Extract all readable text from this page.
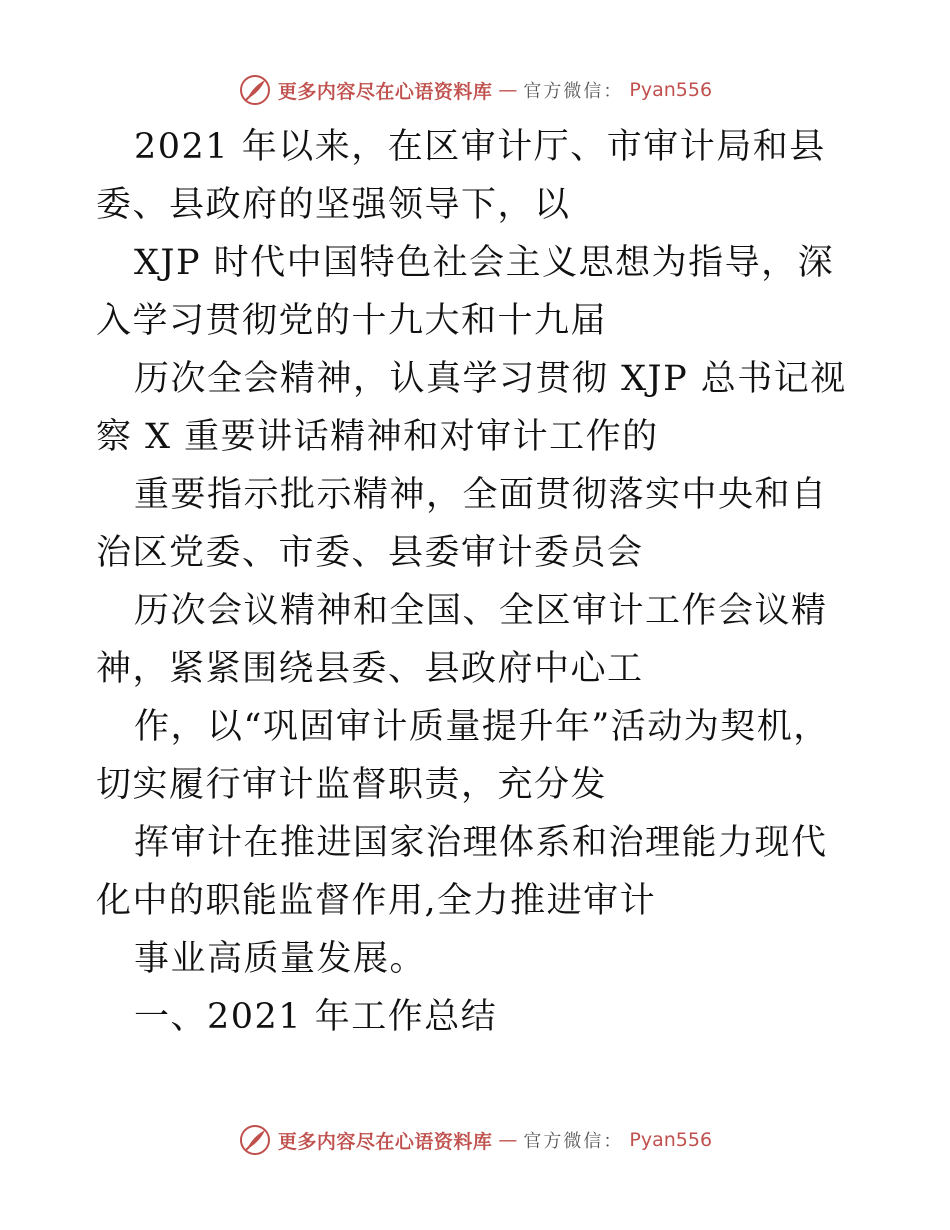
更多内容尽在心语资料库 — 官方微信： Pyan556

2021 年以来，在区审计厅、市审计局和县委、县政府的坚强领导下，以

XJP 时代中国特色社会主义思想为指导，深入学习贯彻党的十九大和十九届

历次全会精神，认真学习贯彻 XJP 总书记视察 X 重要讲话精神和对审计工作的

重要指示批示精神，全面贯彻落实中央和自治区党委、市委、县委审计委员会

历次会议精神和全国、全区审计工作会议精神，紧紧围绕县委、县政府中心工

作，以“巩固审计质量提升年”活动为契机，切实履行审计监督职责，充分发

挥审计在推进国家治理体系和治理能力现代化中的职能监督作用,全力推进审计

事业高质量发展。

一、2021 年工作总结

更多内容尽在心语资料库 — 官方微信： Pyan556
